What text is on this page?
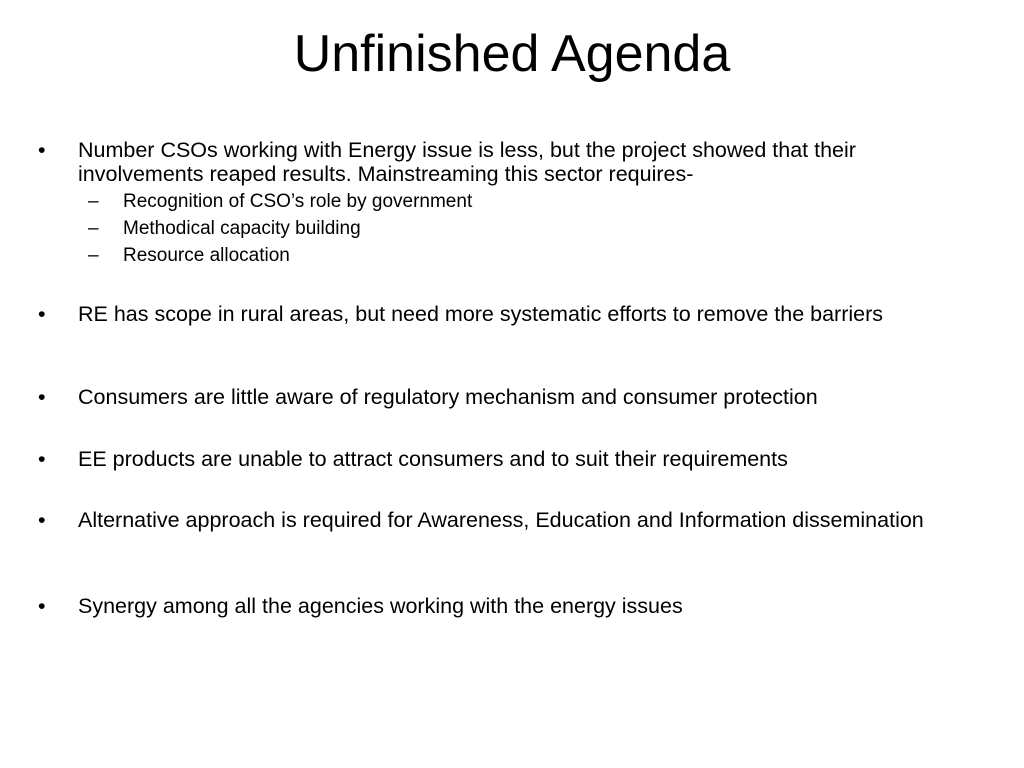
Unfinished Agenda
•	Number CSOs working with Energy issue is less, but the project showed that their involvements reaped results. Mainstreaming this sector requires-
– Recognition of CSO’s role by government
– Methodical capacity building
– Resource allocation
•	RE has scope in rural areas, but need more systematic efforts to remove the barriers
•	Consumers are little aware of regulatory mechanism and consumer protection
•	EE products are unable to attract consumers and to suit their requirements
•	Alternative approach is required for Awareness, Education and Information dissemination
•	Synergy among all the agencies working with the energy issues
